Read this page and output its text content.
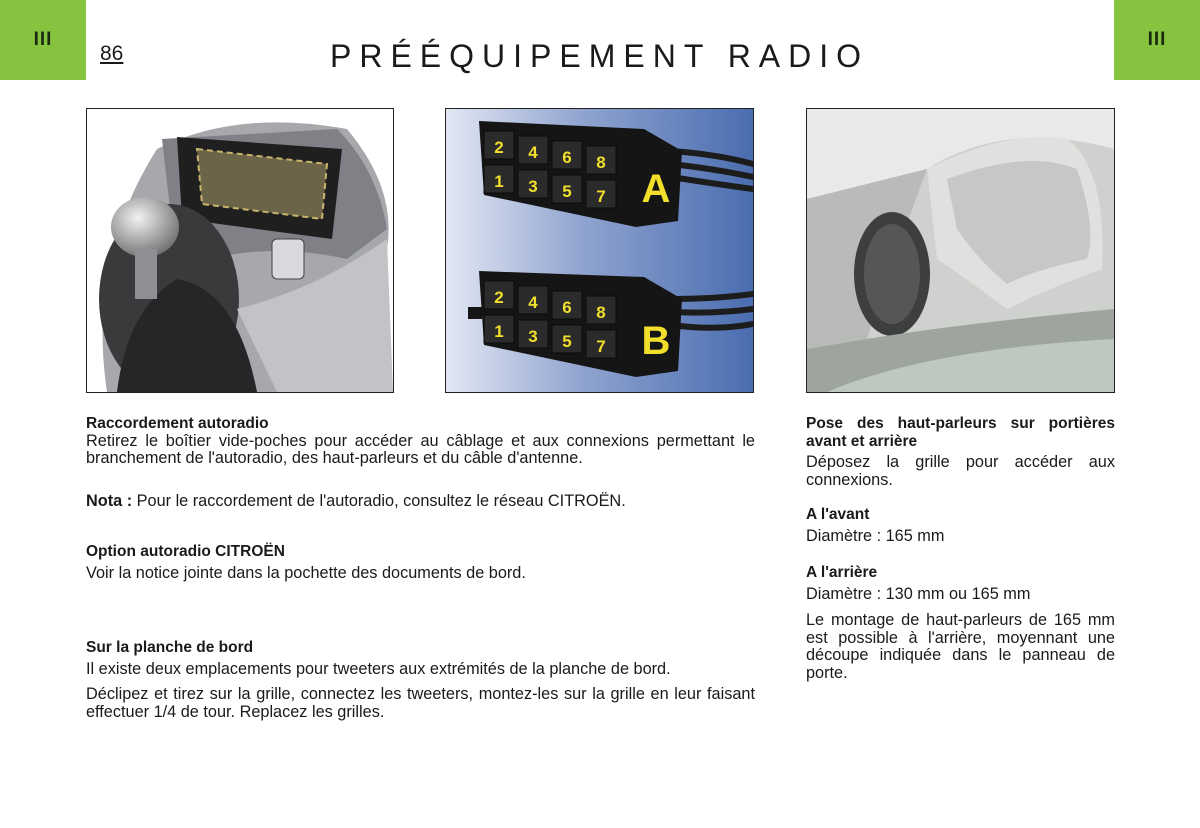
III	III
86	PRÉÉQUIPEMENT RADIO
2 4 6 8
1 3 5 7 A
2 4 6 8
1 3 5 7 B

Raccordement autoradio

Retirez le boîtier vide-poches pour accéder au câblage et aux connexions permettant le branchement de l'autoradio, des haut-parleurs et du câble d'antenne.

Nota : Pour le raccordement de l'autoradio, consultez le réseau CITROËN.

Option autoradio CITROËN

Voir la notice jointe dans la pochette des documents de bord.

Sur la planche de bord

Il existe deux emplacements pour tweeters aux extrémités de la planche de bord.

Déclipez et tirez sur la grille, connectez les tweeters, montez-les sur la grille en leur faisant effectuer 1/4 de tour. Replacez les grilles.

Pose des haut-parleurs sur portières avant et arrière

Déposez la grille pour accéder aux connexions.

A l'avant

Diamètre : 165 mm

A l'arrière

Diamètre : 130 mm ou 165 mm

Le montage de haut-parleurs de 165 mm est possible à l'arrière, moyennant une découpe indiquée dans le panneau de porte.
